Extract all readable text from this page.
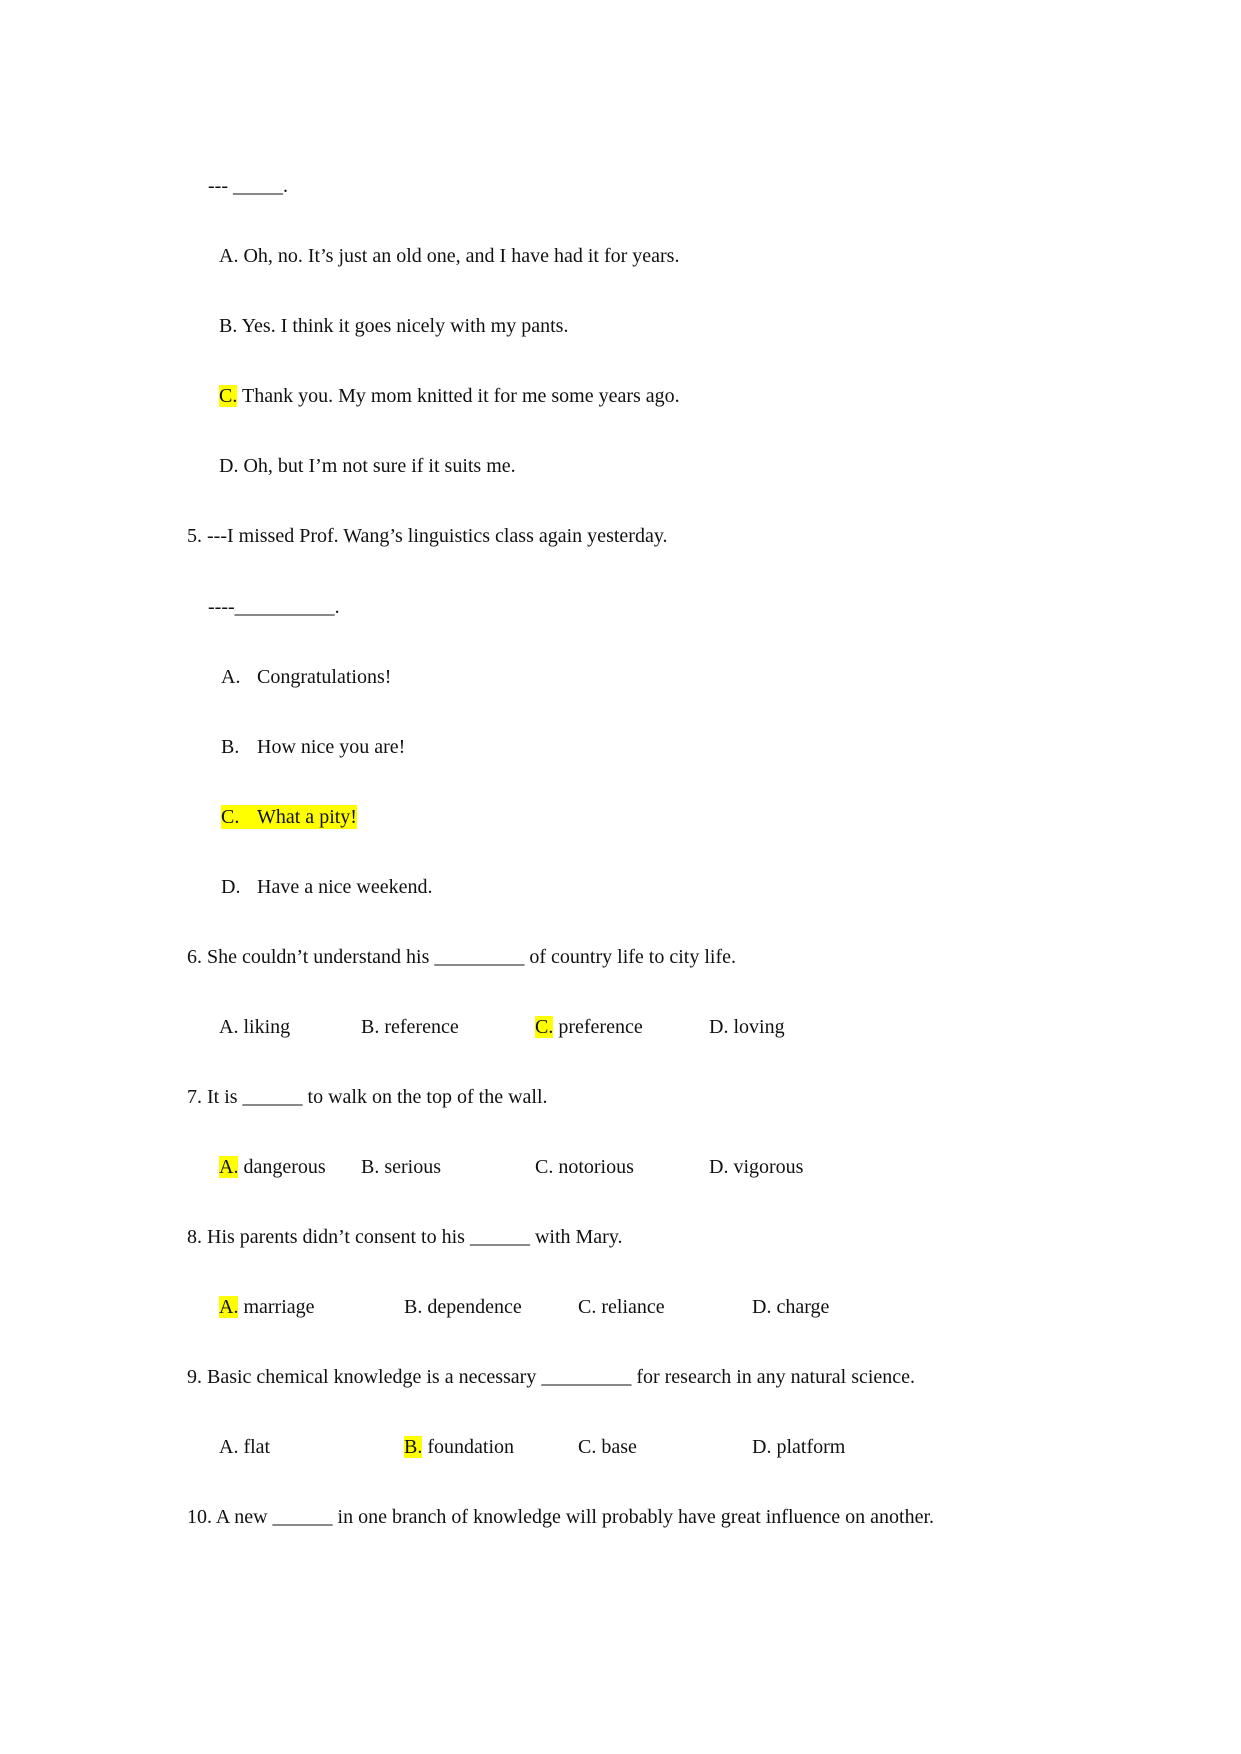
--- _____.
A. Oh, no. It’s just an old one, and I have had it for years.
B. Yes. I think it goes nicely with my pants.
C. Thank you. My mom knitted it for me some years ago.
D. Oh, but I’m not sure if it suits me.
5. ---I missed Prof. Wang’s linguistics class again yesterday.
----__________.
A. Congratulations!
B. How nice you are!
C. What a pity!
D. Have a nice weekend.
6. She couldn’t understand his _________ of country life to city life.
A. liking	B. reference	C. preference	D. loving
7. It is ______ to walk on the top of the wall.
A. dangerous B. serious	C. notorious	D. vigorous
8. His parents didn’t consent to his ______ with Mary.
A. marriage	B. dependence	C. reliance	D. charge
9. Basic chemical knowledge is a necessary _________ for research in any natural science.
A. flat	B. foundation	C. base	D. platform
10. A new ______ in one branch of knowledge will probably have great influence on another.
